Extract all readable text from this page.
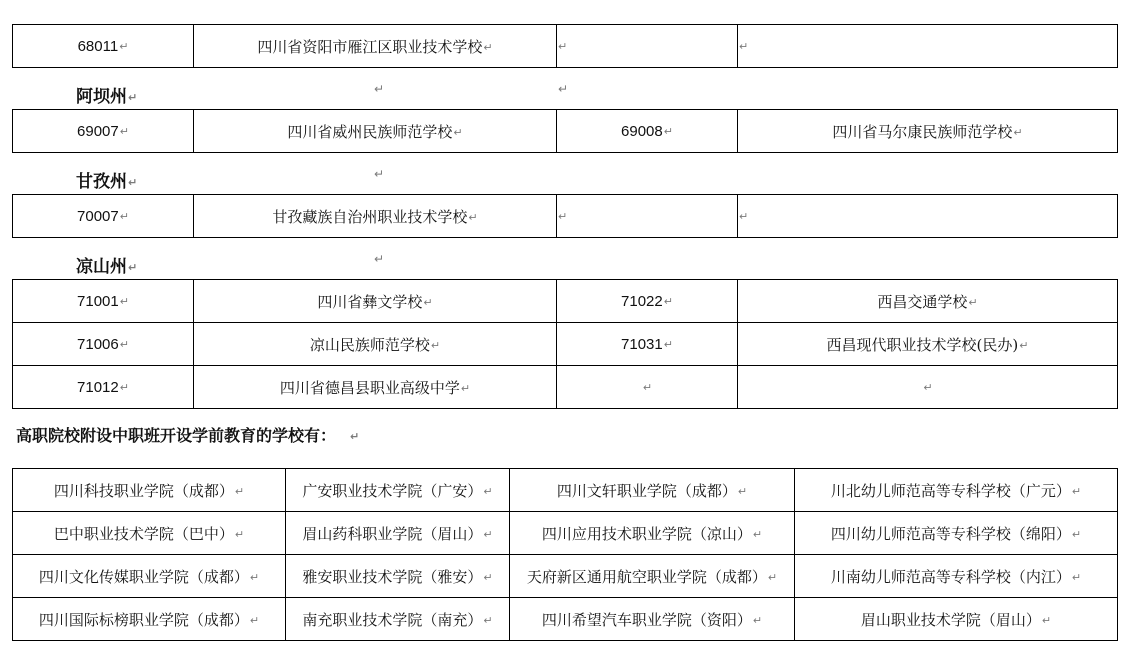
68011↵	四川省资阳市雁江区职业技术学校↵	↵	↵
阿坝州↵
↵	↵
69007↵	四川省威州民族师范学校↵	69008↵	四川省马尔康民族师范学校↵
甘孜州↵
↵
70007↵	甘孜藏族自治州职业技术学校↵	↵	↵
凉山州↵
↵
71001↵	四川省彝文学校↵	71022↵	西昌交通学校↵
71006↵	凉山民族师范学校↵	71031↵	西昌现代职业技术学校(民办)↵
71012↵	四川省德昌县职业高级中学↵	↵	↵
高职院校附设中职班开设学前教育的学校有： ↵
四川科技职业学院（成都）↵	广安职业技术学院（广安）↵	四川文轩职业学院（成都）↵	川北幼儿师范高等专科学校（广元）↵
巴中职业技术学院（巴中）↵	眉山药科职业学院（眉山）↵	四川应用技术职业学院（凉山）↵	四川幼儿师范高等专科学校（绵阳）↵
四川文化传媒职业学院（成都）↵	雅安职业技术学院（雅安）↵	天府新区通用航空职业学院（成都）↵	川南幼儿师范高等专科学校（内江）↵
四川国际标榜职业学院（成都）↵	南充职业技术学院（南充）↵	四川希望汽车职业学院（资阳）↵	眉山职业技术学院（眉山）↵
